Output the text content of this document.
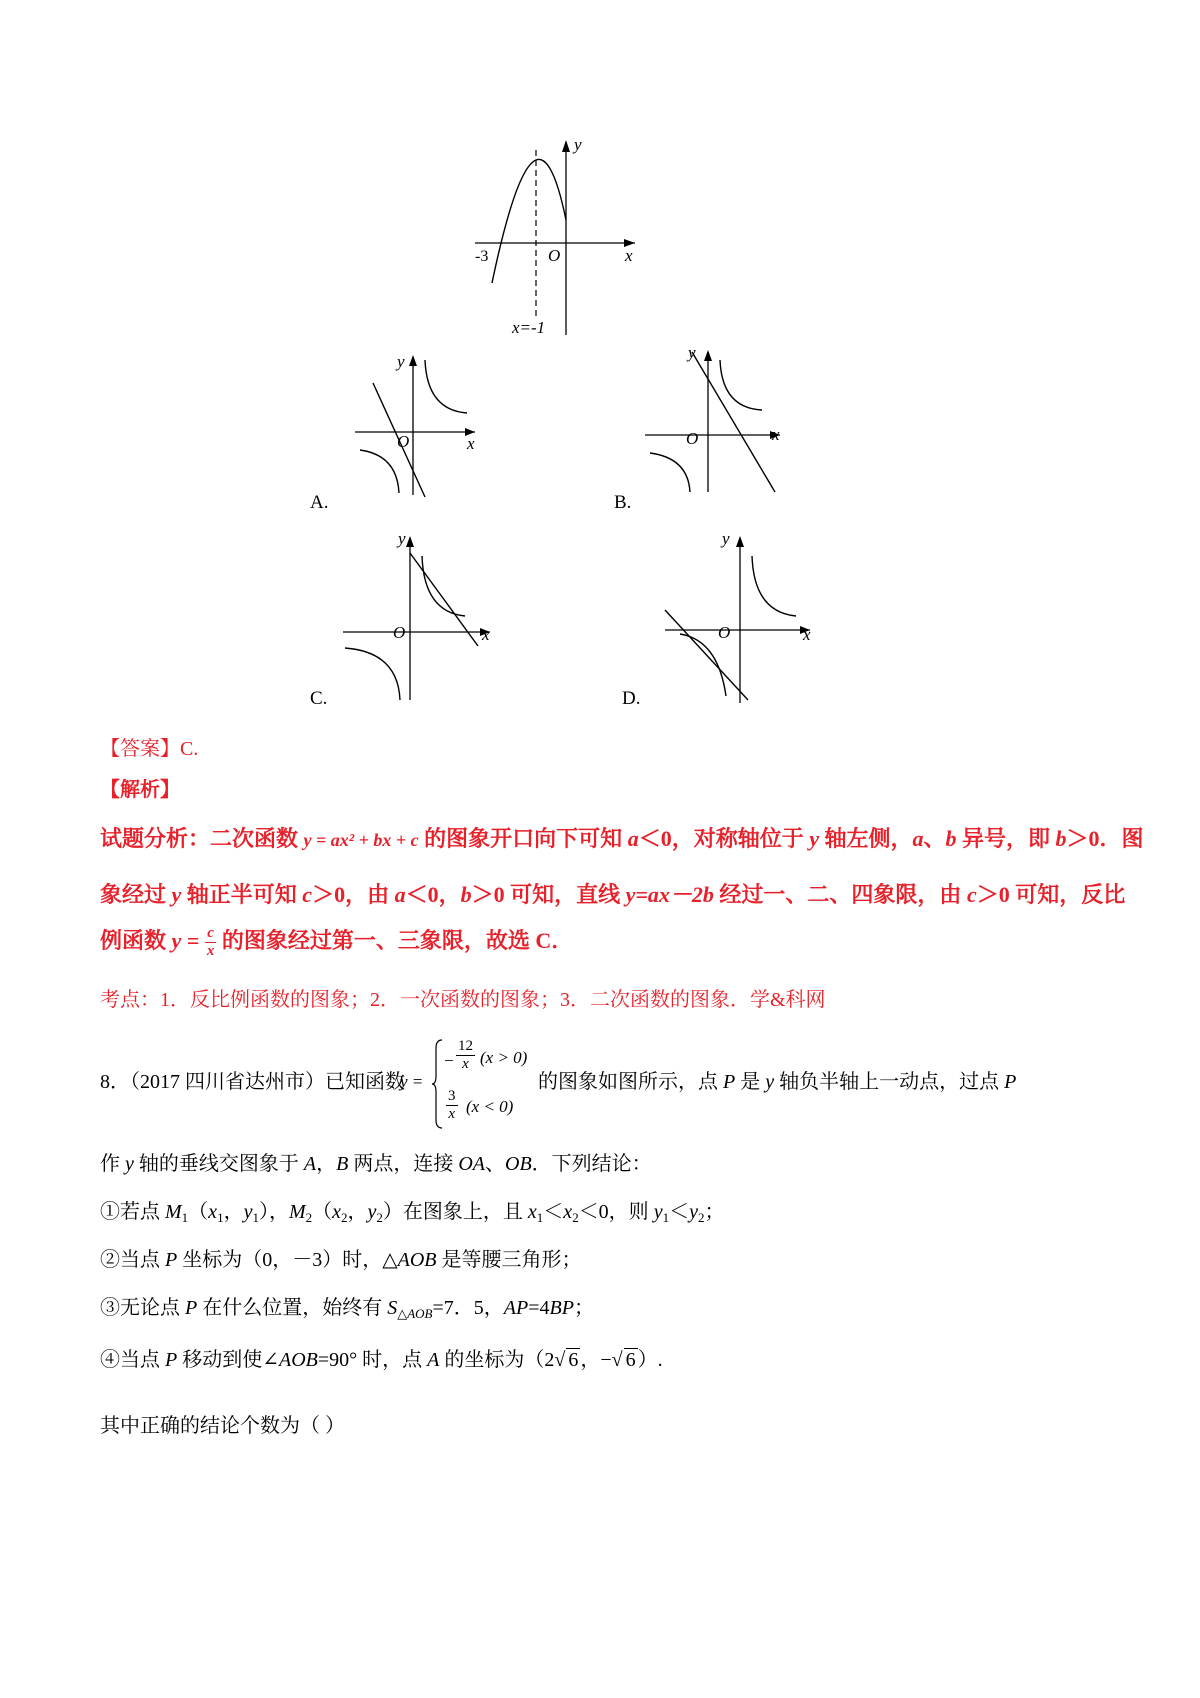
y
x
O
-3
x=-1
y
x
O
A.
y
x
O
B.
y
x
O
C.
y
x
O
D.
【答案】C.
【解析】
试题分析：二次函数 y = ax² + bx + c 的图象开口向下可知 a＜0，对称轴位于 y 轴左侧，a、b 异号，即 b＞0．图
象经过 y 轴正半可知 c＞0，由 a＜0，b＞0 可知，直线 y=ax－2b 经过一、二、四象限，由 c＞0 可知，反比
例函数 $y = \frac{c}{x}$ 的图象经过第一、三象限，故选 C．
考点：1．反比例函数的图象；2．一次函数的图象；3．二次函数的图象．学&科网
8．（2017 四川省达州市）已知函数
y =
− $\frac{12}{x} (x > 0)$
$\frac{3}{x} (x < 0)$
的图象如图所示，点 P 是 y 轴负半轴上一动点，过点 P
作 y 轴的垂线交图象于 A，B 两点，连接 OA、OB．下列结论：
①若点 $M_1(x_1$，$y_1$），$M_2(x_2$，$y_2$）在图象上，且 $x_1<x_2<0$，则 $y_1<y_2$；
②当点 P 坐标为（0，－3）时，△AOB 是等腰三角形；
③无论点 P 在什么位置，始终有 $S_{\triangle AOB}=7$．5，AP=4BP；
④当点 P 移动到使∠AOB=90° 时，点 A 的坐标为（2√ 6 ，−√ 6 ）.
其中正确的结论个数为（ ）
